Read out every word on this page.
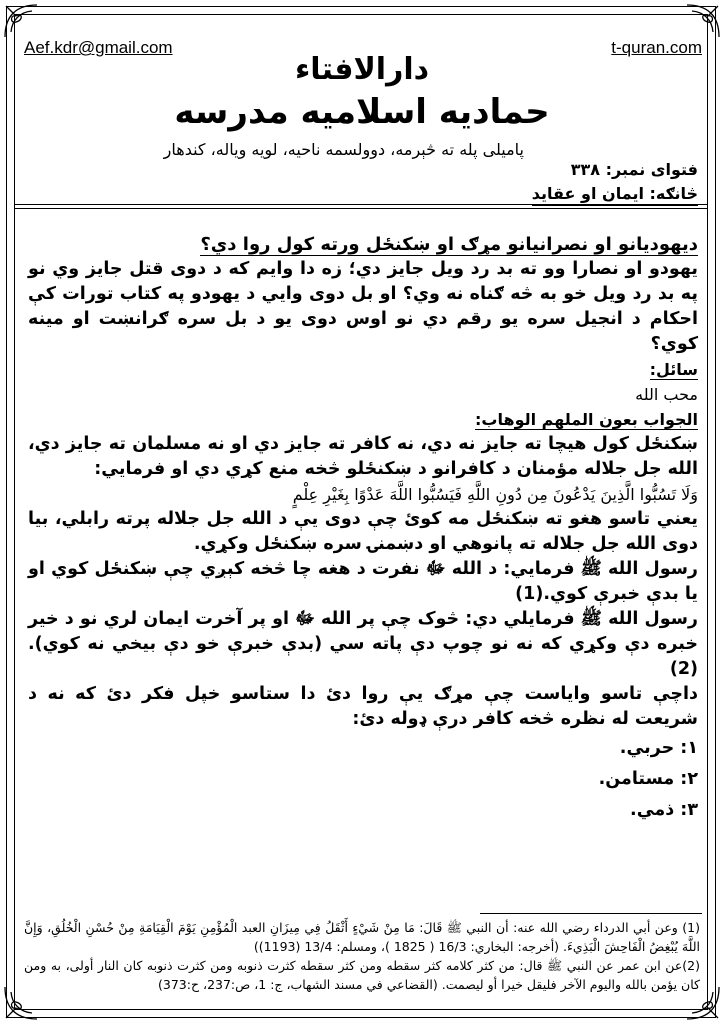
Aef.kdr@gmail.com	t-quran.com
دارالافتاء
حمادیه اسلامیه مدرسه
پامیلی پله ته څېرمه، دوولسمه ناحیه، لویه ویاله، کندهار
فتوای نمبر: ۳۳۸
څانګه: ایمان او عقاید

دیهودیانو او نصرانیانو مړګ او ښکنځل ورته کول روا دي؟

یهودو او نصارا وو ته بد رد ویل جایز دي؛ زه دا وایم که د دوی قتل جایز وي نو په بد رد ویل خو به څه ګناه نه وي؟ او بل دوی وایي د یهودو په کتاب تورات کې احکام د انجیل سره یو رقم دي نو اوس دوی یو د بل سره ګرانښت او مینه کوي؟

سائل:

محب الله

الجواب بعون الملهم الوهاب:

ښکنځل کول هیچا ته جایز نه دي، نه کافر ته جایز دي او نه مسلمان ته جایز دي، الله جل جلاله مؤمنان د کافرانو د ښکنځلو څخه منع کړي دي او فرمایي:

وَلَا تَسُبُّوا الَّذِينَ يَدْعُونَ مِن دُونِ اللَّهِ فَيَسُبُّوا اللَّهَ عَدْوًا بِغَيْرِ عِلْمٍ

یعني تاسو هغو ته ښکنځل مه کوئ چې دوی یې د الله جل جلاله پرته رابلي، بیا دوی الله جل جلاله ته پانوهي او دښمنۍ سره ښکنځل وکړي.

رسول الله ﷺ فرمایي: د الله ﷻ نفرت د هغه چا څخه کېږي چې ښکنځل کوي او یا بدې خبرې کوي.(1)

رسول الله ﷺ فرمایلي دي: څوک چې پر الله ﷻ او پر آخرت ایمان لري نو د خیر خبره دې وکړي که نه نو چوپ دې پاته سي (بدې خبرې خو دې بیخي نه کوي).(2)

داچې تاسو وایاست چې مړګ یې روا دئ دا ستاسو خپل فکر دئ که نه د شریعت له نظره څخه کافر درې ډوله دئ:

۱: حربي.

۲: مستامن.

۳: ذمي.

(1) وعن أبي الدرداء رضي الله عنه: أن النبي ﷺ قَالَ: مَا مِنْ شَيْءٍ أَثْقَلُ فِي مِيزَانِ العبد الْمُؤْمِنِ يَوْمَ الْقِيَامَةِ مِنْ حُسْنِ الْخُلُقِ، وَإِنَّ اللَّهَ يُبْغِضُ الْفَاحِشَ الْبَذِيءَ. (أخرجه: البخاري: 16/3 ( 1825 )، ومسلم: 13/4 (1193))

(2)عن ابن عمر عن النبي ﷺ قال: من كثر كلامه كثر سقطه ومن كثر سقطه كثرت ذنوبه ومن كثرت ذنوبه كان النار أولى، به ومن كان يؤمن بالله واليوم الآخر فليقل خيرا أو ليصمت. (القضاعي في مسند الشهاب، ج: 1، ص:237، ح:373)
